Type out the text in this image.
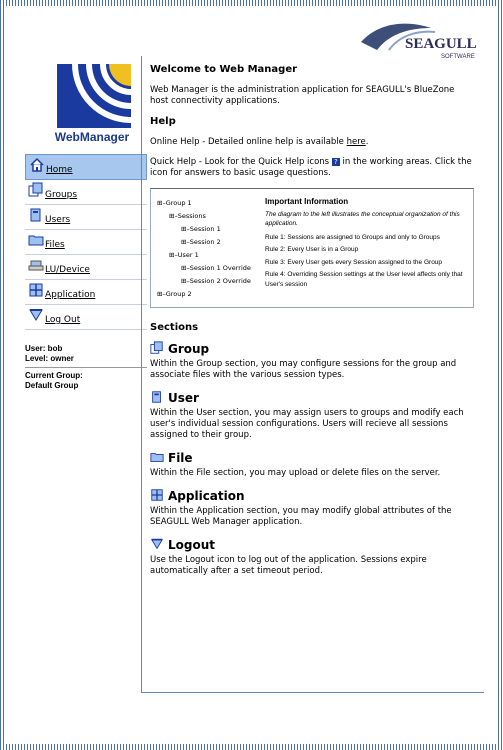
SEAGULL
SOFTWARE
WebManager
Home
Groups
Users
Files
LU/Device
Application
Log Out
User: bob
Level: owner
Current Group:
Default Group
Welcome to Web Manager

Web Manager is the administration application for SEAGULL's BlueZone host connectivity applications.

Help

Online Help - Detailed online help is available here.

Quick Help - Look for the Quick Help icons ? in the working areas. Click the icon for answers to basic usage questions.

⊞–Group 1
⊞–Sessions
⊞–Session 1
⊞–Session 2
⊞–User 1
⊞–Session 1 Override
⊞–Session 2 Override
⊞–Group 2
Important Information
The diagram to the left illustrates the conceptual organization of this application.
Rule 1: Sessions are assigned to Groups and only to Groups
Rule 2: Every User is in a Group
Rule 3: Every User gets every Session assigned to the Group
Rule 4: Overriding Session settings at the User level affects only that User's session
Sections
Group

Within the Group section, you may configure sessions for the group and associate files with the various session types.

User

Within the User section, you may assign users to groups and modify each user's individual session configurations. Users will recieve all sessions assigned to their group.

File

Within the File section, you may upload or delete files on the server.

Application

Within the Application section, you may modify global attributes of the SEAGULL Web Manager application.

Logout

Use the Logout icon to log out of the application. Sessions expire automatically after a set timeout period.
